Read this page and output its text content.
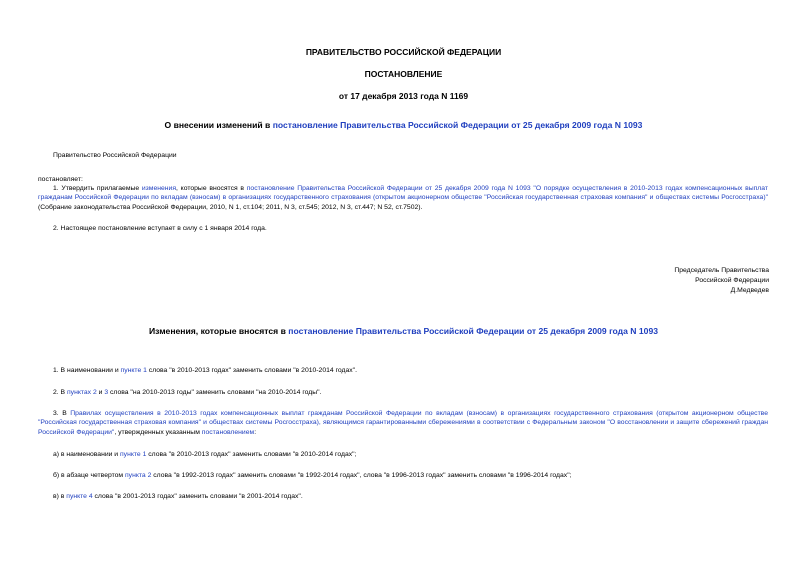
ПРАВИТЕЛЬСТВО РОССИЙСКОЙ ФЕДЕРАЦИИ
ПОСТАНОВЛЕНИЕ
от 17 декабря 2013 года N 1169
О внесении изменений в постановление Правительства Российской Федерации от 25 декабря 2009 года N 1093
Правительство Российской Федерации
постановляет:
1. Утвердить прилагаемые изменения, которые вносятся в постановление Правительства Российской Федерации от 25 декабря 2009 года N 1093 "О порядке осуществления в 2010-2013 годах компенсационных выплат гражданам Российской Федерации по вкладам (взносам) в организациях государственного страхования (открытом акционерном обществе "Российская государственная страховая компания" и обществах системы Росгосстраха)" (Собрание законодательства Российской Федерации, 2010, N 1, ст.104; 2011, N 3, ст.545; 2012, N 3, ст.447; N 52, ст.7502).
2. Настоящее постановление вступает в силу с 1 января 2014 года.
Председатель Правительства
Российской Федерации
Д.Медведев
Изменения, которые вносятся в постановление Правительства Российской Федерации от 25 декабря 2009 года N 1093
1. В наименовании и пункте 1 слова "в 2010-2013 годах" заменить словами "в 2010-2014 годах".
2. В пунктах 2 и 3 слова "на 2010-2013 годы" заменить словами "на 2010-2014 годы".
3. В Правилах осуществления в 2010-2013 годах компенсационных выплат гражданам Российской Федерации по вкладам (взносам) в организациях государственного страхования (открытом акционерном обществе "Российская государственная страховая компания" и обществах системы Росгосстраха), являющимся гарантированными сбережениями в соответствии с Федеральным законом "О восстановлении и защите сбережений граждан Российской Федерации", утвержденных указанным постановлением:
а) в наименовании и пункте 1 слова "в 2010-2013 годах" заменить словами "в 2010-2014 годах";
б) в абзаце четвертом пункта 2 слова "в 1992-2013 годах" заменить словами "в 1992-2014 годах", слова "в 1996-2013 годах" заменить словами "в 1996-2014 годах";
в) в пункте 4 слова "в 2001-2013 годах" заменить словами "в 2001-2014 годах".
